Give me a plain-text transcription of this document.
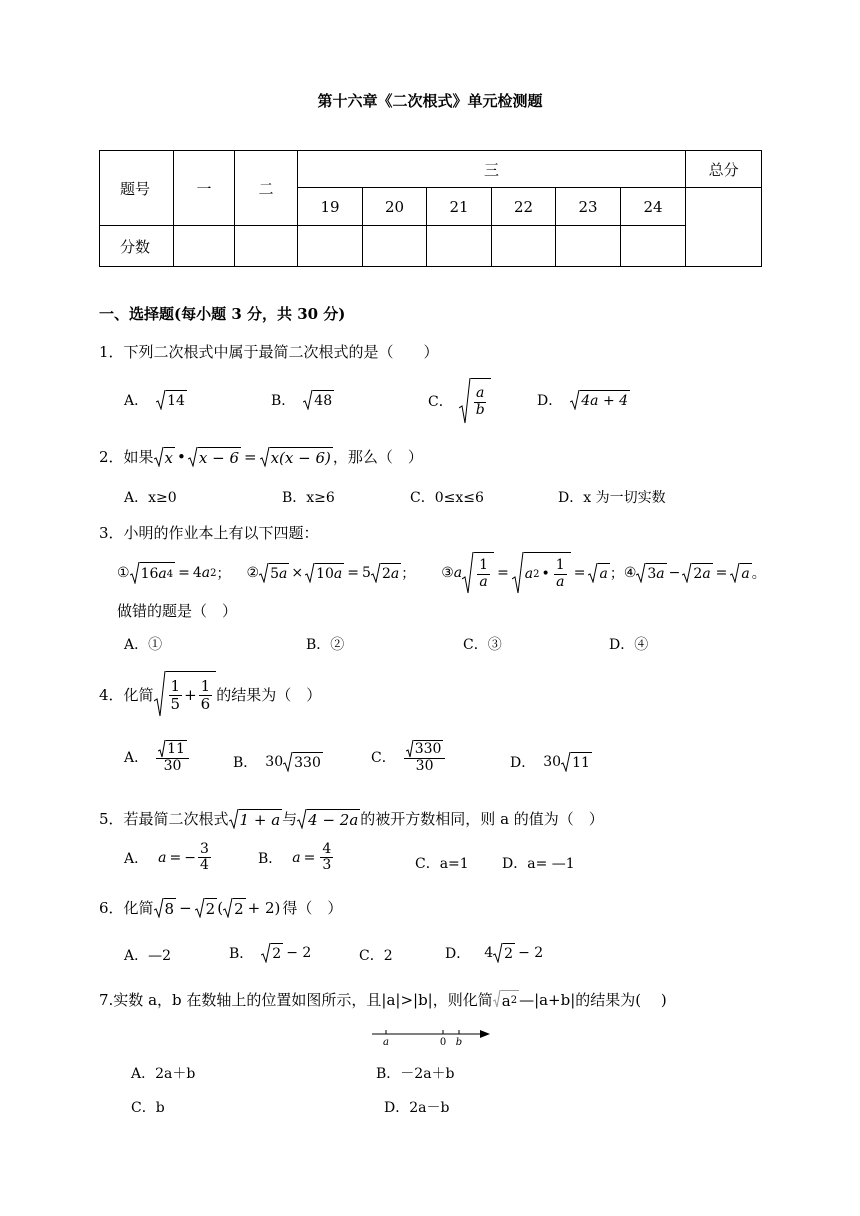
第十六章《二次根式》单元检测题
题号	一	二	三						总分
			19	20	21	22	23	24	
分数									
一、选择题(每小题 3 分，共 30 分)
1．下列二次根式中属于最简二次根式的是（　　）
A． 14	B． 48	C． $\frac{a}{b}$	D． 4a + 4
2．如果 x • x − 6 = x(x − 6) ，那么（　）
A．x≥0	B．x≥6	C．0≤x≤6	D．x 为一切实数
3．小明的作业本上有以下四题：
① 16 a 4 = 4 a 2 ； ② 5 a × 10 a = 5 2 a ； ③ a $\frac{1}{a} = a$ 2 • $\frac{1}{a} = a$ ； ④ 3 a − 2 a = a 。
做错的题是（　）
A．①	B．②	C．③	D．④
4．化简 $\frac{1}{5} + \frac{1}{6}$ 的结果为（　）
A． $\frac{11}{30}$	B． 30 330	C． $\frac{330}{30}$	D． 30 11
5．若最简二次根式 1 + a 与 4 − 2a 的被开方数相同，则 a 的值为（　）
A． a = − $\frac{3}{4}$	B． $a = \frac{4}{3}$	C．a=1 D．a= —1
6．化简 8 − 2 ( 2 + 2) 得（　）
A．—2	B． 2 − 2	C．2	D． 4 2 − 2
7.实数 a，b 在数轴上的位置如图所示，且|a|>|b|，则化简 a 2 —|a+b|的结果为(　 )
a	0 b
A．2a＋b	B．－2a＋b
C．b	D．2a－b
